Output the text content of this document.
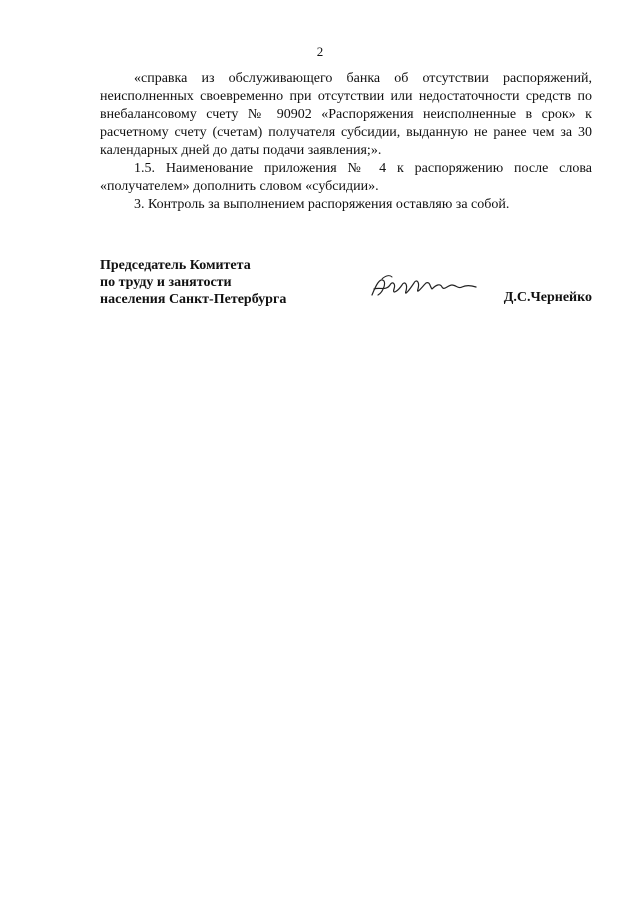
2

«справка из обслуживающего банка об отсутствии распоряжений, неисполненных своевременно при отсутствии или недостаточности средств по внебалансовому счету № 90902 «Распоряжения неисполненные в срок» к расчетному счету (счетам) получателя субсидии, выданную не ранее чем за 30 календарных дней до даты подачи заявления;».

1.5. Наименование приложения № 4 к распоряжению после слова «получателем» дополнить словом «субсидии».

3. Контроль за выполнением распоряжения оставляю за собой.

Председатель Комитета
по труду и занятости
населения Санкт-Петербурга	Д.С.Чернейко
